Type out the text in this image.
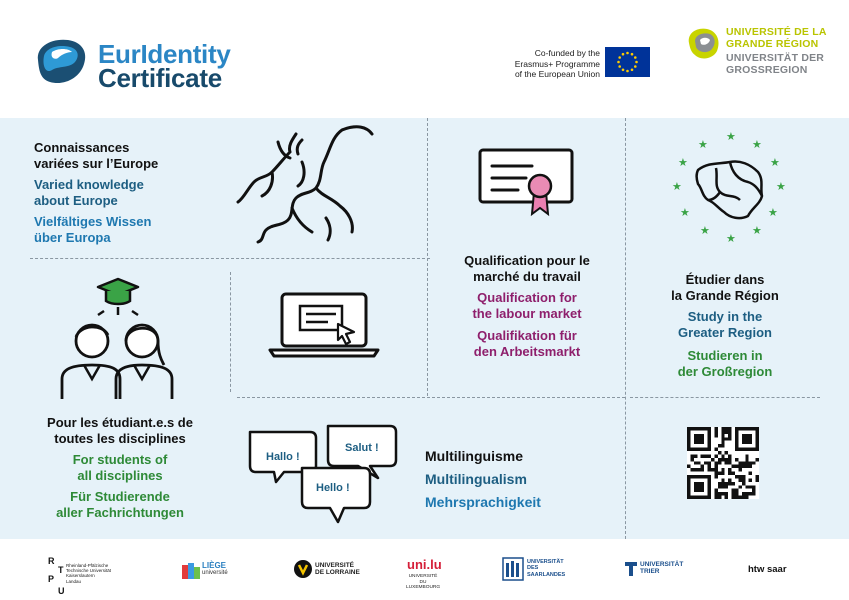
EurIdentity
Certificate
Co-funded by the
Erasmus+ Programme
of the European Union
UNIVERSITÉ DE LA
GRANDE RÉGION
UNIVERSITÄT DER
GROSSREGION
Connaissances
variées sur l’Europe
Varied knowledge
about Europe
Vielfältiges Wissen
über Europa
Qualification pour le
marché du travail
Qualification for
the labour market
Qualifikation für
den Arbeitsmarkt
★
★
★
★
★
★
★
★
★
★
★
★
Étudier dans
la Grande Région
Study in the
Greater Region
Studieren in
der Großregion
Pour les étudiant.e.s de
toutes les disciplines
For students of
all disciplines
Für Studierende
aller Fachrichtungen
Hallo !
Salut !
Hello !
Multilinguisme
Multilingualism
Mehrsprachigkeit
R
P
T
U
Rheinland-Pfälzische
Technische Universität
Kaiserslautern
Landau
LIÈGE
université
UNIVERSITÉ
DE LORRAINE
uni.lu
UNIVERSITÉ DU
LUXEMBOURG
UNIVERSITÄT
DES
SAARLANDES
UNIVERSITÄT
TRIER	htw saar
